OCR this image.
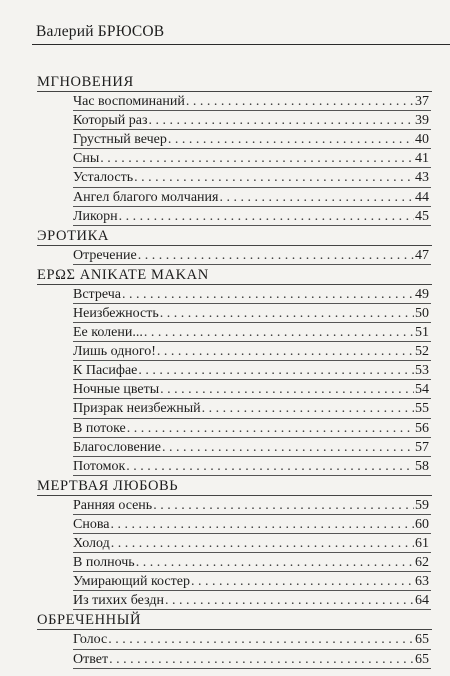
Валерий БРЮСОВ
МГНОВЕНИЯ
Час воспоминаний . . .	37
Который раз . . .	39
Грустный вечер . . .	40
Сны . . .	41
Усталость . . .	43
Ангел благого молчания . . .	44
Ликорн . . .	45
ЭРОТИКА
Отречение . . .	47
ΕΡΩΣ ANIKATE MAKAN
Встреча . . .	49
Неизбежность . . .	50
Ее колени... . . .	51
Лишь одного! . . .	52
К Пасифае . . .	53
Ночные цветы . . .	54
Призрак неизбежный . . .	55
В потоке . . .	56
Благословение . . .	57
Потомок . . .	58
МЕРТВАЯ ЛЮБОВЬ
Ранняя осень . . .	59
Снова . . .	60
Холод . . .	61
В полночь . . .	62
Умирающий костер . . .	63
Из тихих бездн . . .	64
ОБРЕЧЕННЫЙ
Голос . . .	65
Ответ . . .	65
